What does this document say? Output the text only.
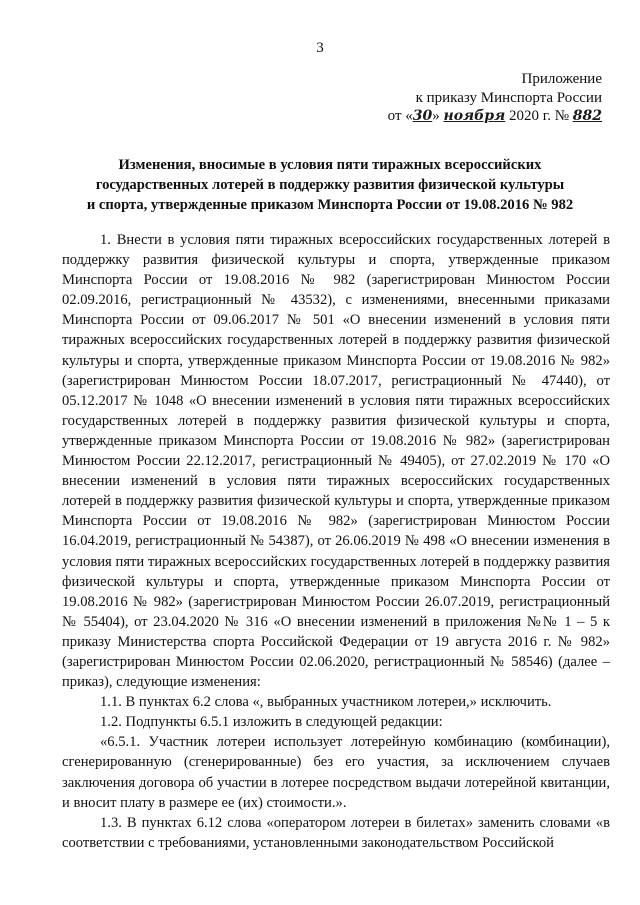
3
Приложение
к приказу Минспорта России
от «30» ноября 2020 г. № 882
Изменения, вносимые в условия пяти тиражных всероссийских
государственных лотерей в поддержку развития физической культуры
и спорта, утвержденные приказом Минспорта России от 19.08.2016 № 982

1. Внести в условия пяти тиражных всероссийских государственных лотерей в поддержку развития физической культуры и спорта, утвержденные приказом Минспорта России от 19.08.2016 № 982 (зарегистрирован Минюстом России 02.09.2016, регистрационный № 43532), с изменениями, внесенными приказами Минспорта России от 09.06.2017 № 501 «О внесении изменений в условия пяти тиражных всероссийских государственных лотерей в поддержку развития физической культуры и спорта, утвержденные приказом Минспорта России от 19.08.2016 № 982» (зарегистрирован Минюстом России 18.07.2017, регистрационный № 47440), от 05.12.2017 № 1048 «О внесении изменений в условия пяти тиражных всероссийских государственных лотерей в поддержку развития физической культуры и спорта, утвержденные приказом Минспорта России от 19.08.2016 № 982» (зарегистрирован Минюстом России 22.12.2017, регистрационный № 49405), от 27.02.2019 № 170 «О внесении изменений в условия пяти тиражных всероссийских государственных лотерей в поддержку развития физической культуры и спорта, утвержденные приказом Минспорта России от 19.08.2016 № 982» (зарегистрирован Минюстом России 16.04.2019, регистрационный № 54387), от 26.06.2019 № 498 «О внесении изменения в условия пяти тиражных всероссийских государственных лотерей в поддержку развития физической культуры и спорта, утвержденные приказом Минспорта России от 19.08.2016 № 982» (зарегистрирован Минюстом России 26.07.2019, регистрационный № 55404), от 23.04.2020 № 316 «О внесении изменений в приложения №№ 1 – 5 к приказу Министерства спорта Российской Федерации от 19 августа 2016 г. № 982» (зарегистрирован Минюстом России 02.06.2020, регистрационный № 58546) (далее – приказ), следующие изменения:

1.1. В пунктах 6.2 слова «, выбранных участником лотереи,» исключить.

1.2. Подпункты 6.5.1 изложить в следующей редакции:

«6.5.1. Участник лотереи использует лотерейную комбинацию (комбинации), сгенерированную (сгенерированные) без его участия, за исключением случаев заключения договора об участии в лотерее посредством выдачи лотерейной квитанции, и вносит плату в размере ее (их) стоимости.».

1.3. В пунктах 6.12 слова «оператором лотереи в билетах» заменить словами «в соответствии с требованиями, установленными законодательством Российской
